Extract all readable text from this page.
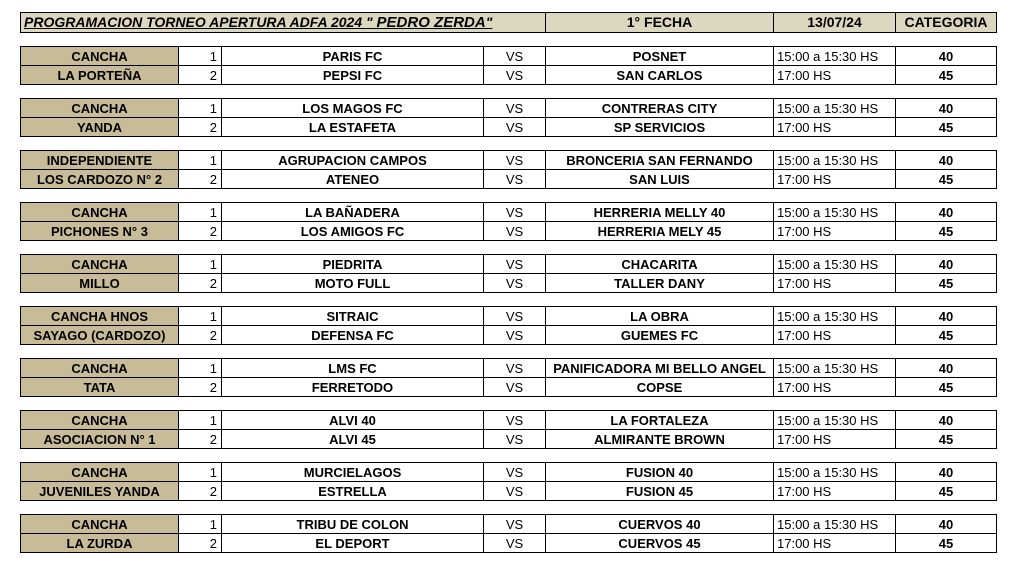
PROGRAMACION TORNEO APERTURA ADFA 2024 " PEDRO ZERDA"				1° FECHA	13/07/24	CATEGORIA

CANCHA	1	PARIS FC	VS	POSNET	15:00 a 15:30 HS	40
LA PORTEÑA	2	PEPSI FC	VS	SAN CARLOS	17:00 HS	45

CANCHA	1	LOS MAGOS FC	VS	CONTRERAS CITY	15:00 a 15:30 HS	40
YANDA	2	LA ESTAFETA	VS	SP SERVICIOS	17:00 HS	45

INDEPENDIENTE	1	AGRUPACION CAMPOS	VS	BRONCERIA SAN FERNANDO	15:00 a 15:30 HS	40
LOS CARDOZO N° 2	2	ATENEO	VS	SAN LUIS	17:00 HS	45

CANCHA	1	LA BAÑADERA	VS	HERRERIA MELLY 40	15:00 a 15:30 HS	40
PICHONES N° 3	2	LOS AMIGOS FC	VS	HERRERIA MELY 45	17:00 HS	45

CANCHA	1	PIEDRITA	VS	CHACARITA	15:00 a 15:30 HS	40
MILLO	2	MOTO FULL	VS	TALLER DANY	17:00 HS	45

CANCHA HNOS	1	SITRAIC	VS	LA OBRA	15:00 a 15:30 HS	40
SAYAGO (CARDOZO)	2	DEFENSA FC	VS	GUEMES FC	17:00 HS	45

CANCHA	1	LMS FC	VS	PANIFICADORA MI BELLO ANGEL	15:00 a 15:30 HS	40
TATA	2	FERRETODO	VS	COPSE	17:00 HS	45

CANCHA	1	ALVI 40	VS	LA FORTALEZA	15:00 a 15:30 HS	40
ASOCIACION N° 1	2	ALVI 45	VS	ALMIRANTE BROWN	17:00 HS	45

CANCHA	1	MURCIELAGOS	VS	FUSION 40	15:00 a 15:30 HS	40
JUVENILES YANDA	2	ESTRELLA	VS	FUSION 45	17:00 HS	45

CANCHA	1	TRIBU DE COLON	VS	CUERVOS 40	15:00 a 15:30 HS	40
LA ZURDA	2	EL DEPORT	VS	CUERVOS 45	17:00 HS	45
